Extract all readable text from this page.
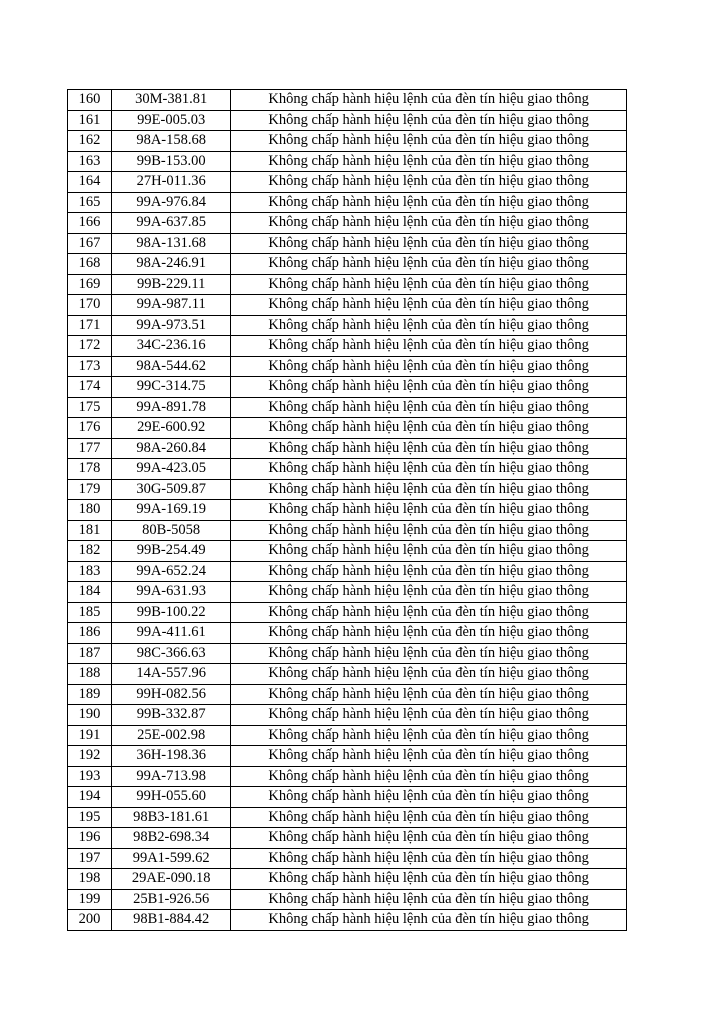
160	30M-381.81	Không chấp hành hiệu lệnh của đèn tín hiệu giao thông
161	99E-005.03	Không chấp hành hiệu lệnh của đèn tín hiệu giao thông
162	98A-158.68	Không chấp hành hiệu lệnh của đèn tín hiệu giao thông
163	99B-153.00	Không chấp hành hiệu lệnh của đèn tín hiệu giao thông
164	27H-011.36	Không chấp hành hiệu lệnh của đèn tín hiệu giao thông
165	99A-976.84	Không chấp hành hiệu lệnh của đèn tín hiệu giao thông
166	99A-637.85	Không chấp hành hiệu lệnh của đèn tín hiệu giao thông
167	98A-131.68	Không chấp hành hiệu lệnh của đèn tín hiệu giao thông
168	98A-246.91	Không chấp hành hiệu lệnh của đèn tín hiệu giao thông
169	99B-229.11	Không chấp hành hiệu lệnh của đèn tín hiệu giao thông
170	99A-987.11	Không chấp hành hiệu lệnh của đèn tín hiệu giao thông
171	99A-973.51	Không chấp hành hiệu lệnh của đèn tín hiệu giao thông
172	34C-236.16	Không chấp hành hiệu lệnh của đèn tín hiệu giao thông
173	98A-544.62	Không chấp hành hiệu lệnh của đèn tín hiệu giao thông
174	99C-314.75	Không chấp hành hiệu lệnh của đèn tín hiệu giao thông
175	99A-891.78	Không chấp hành hiệu lệnh của đèn tín hiệu giao thông
176	29E-600.92	Không chấp hành hiệu lệnh của đèn tín hiệu giao thông
177	98A-260.84	Không chấp hành hiệu lệnh của đèn tín hiệu giao thông
178	99A-423.05	Không chấp hành hiệu lệnh của đèn tín hiệu giao thông
179	30G-509.87	Không chấp hành hiệu lệnh của đèn tín hiệu giao thông
180	99A-169.19	Không chấp hành hiệu lệnh của đèn tín hiệu giao thông
181	80B-5058	Không chấp hành hiệu lệnh của đèn tín hiệu giao thông
182	99B-254.49	Không chấp hành hiệu lệnh của đèn tín hiệu giao thông
183	99A-652.24	Không chấp hành hiệu lệnh của đèn tín hiệu giao thông
184	99A-631.93	Không chấp hành hiệu lệnh của đèn tín hiệu giao thông
185	99B-100.22	Không chấp hành hiệu lệnh của đèn tín hiệu giao thông
186	99A-411.61	Không chấp hành hiệu lệnh của đèn tín hiệu giao thông
187	98C-366.63	Không chấp hành hiệu lệnh của đèn tín hiệu giao thông
188	14A-557.96	Không chấp hành hiệu lệnh của đèn tín hiệu giao thông
189	99H-082.56	Không chấp hành hiệu lệnh của đèn tín hiệu giao thông
190	99B-332.87	Không chấp hành hiệu lệnh của đèn tín hiệu giao thông
191	25E-002.98	Không chấp hành hiệu lệnh của đèn tín hiệu giao thông
192	36H-198.36	Không chấp hành hiệu lệnh của đèn tín hiệu giao thông
193	99A-713.98	Không chấp hành hiệu lệnh của đèn tín hiệu giao thông
194	99H-055.60	Không chấp hành hiệu lệnh của đèn tín hiệu giao thông
195	98B3-181.61	Không chấp hành hiệu lệnh của đèn tín hiệu giao thông
196	98B2-698.34	Không chấp hành hiệu lệnh của đèn tín hiệu giao thông
197	99A1-599.62	Không chấp hành hiệu lệnh của đèn tín hiệu giao thông
198	29AE-090.18	Không chấp hành hiệu lệnh của đèn tín hiệu giao thông
199	25B1-926.56	Không chấp hành hiệu lệnh của đèn tín hiệu giao thông
200	98B1-884.42	Không chấp hành hiệu lệnh của đèn tín hiệu giao thông
